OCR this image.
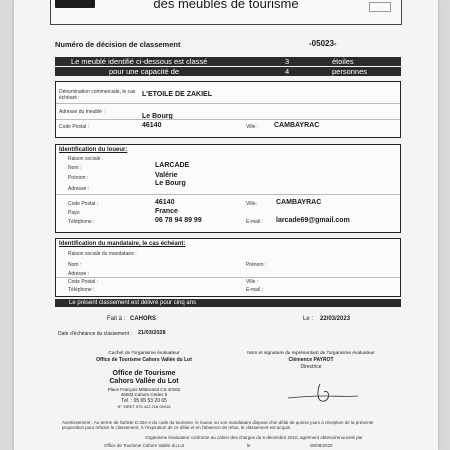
des meublés de tourisme
Numéro de décision de classement	-05023-
Le meublé identifié ci-dessous est classé	3	étoiles
pour une capacité de	4	personnes
Dénomination commerciale, le cas échéant :	L'ETOILE DE ZAKIEL
Adresse du meublé :
Le Bourg
Code Postal :	46140	Ville : CAMBAYRAC
Identification du loueur:
Raison sociale :
Nom :	LARCADE
Prénom :	Valérie
Adresse :
Le Bourg
Code Postal :	46140	Ville:	CAMBAYRAC
Pays:	France
Téléphone :	06 78 94 89 99	E-mail : larcade69@gmail.com
Identification du mandataire, le cas échéant:
Raison sociale du mandataire :
Nom :	Prénom :
Adresse :
Code Postal :	Ville :
Téléphone :	E-mail :
Le présent classement est délivré pour cinq ans
Fait à : CAHORS	Le : 22/03/2023
Date d'échéance du classement : 21/03/2028
Cachet de l'organisme évaluateur
Office de Tourisme Cahors Vallée du Lot
Nom et signature du représentant de l'organisme évaluateur
Clémence PAYROT
Directrice
Office de Tourisme
Cahors Vallée du Lot
Place François Mitterrand CS 40162
46003 Cahors Cedex 9
Tél. : 05 65 53 20 65
N° SIRET 573 422 216 00016
Avertissement : Au terme de l'article D.324-4 du code du tourisme, le loueur ou son mandataire dispose d'un délai de quinze jours à réception de la présente proposition pour refuser le classement. À l'expiration de ce délai et en l'absence de refus, le classement est acquis.
Organisme évaluateur conforme au cahier des charges du 6 décembre 2010, agrément obtenu/renouvelé par
Office de Tourisme Cahors Vallée du Lot	le	06/08/2020
